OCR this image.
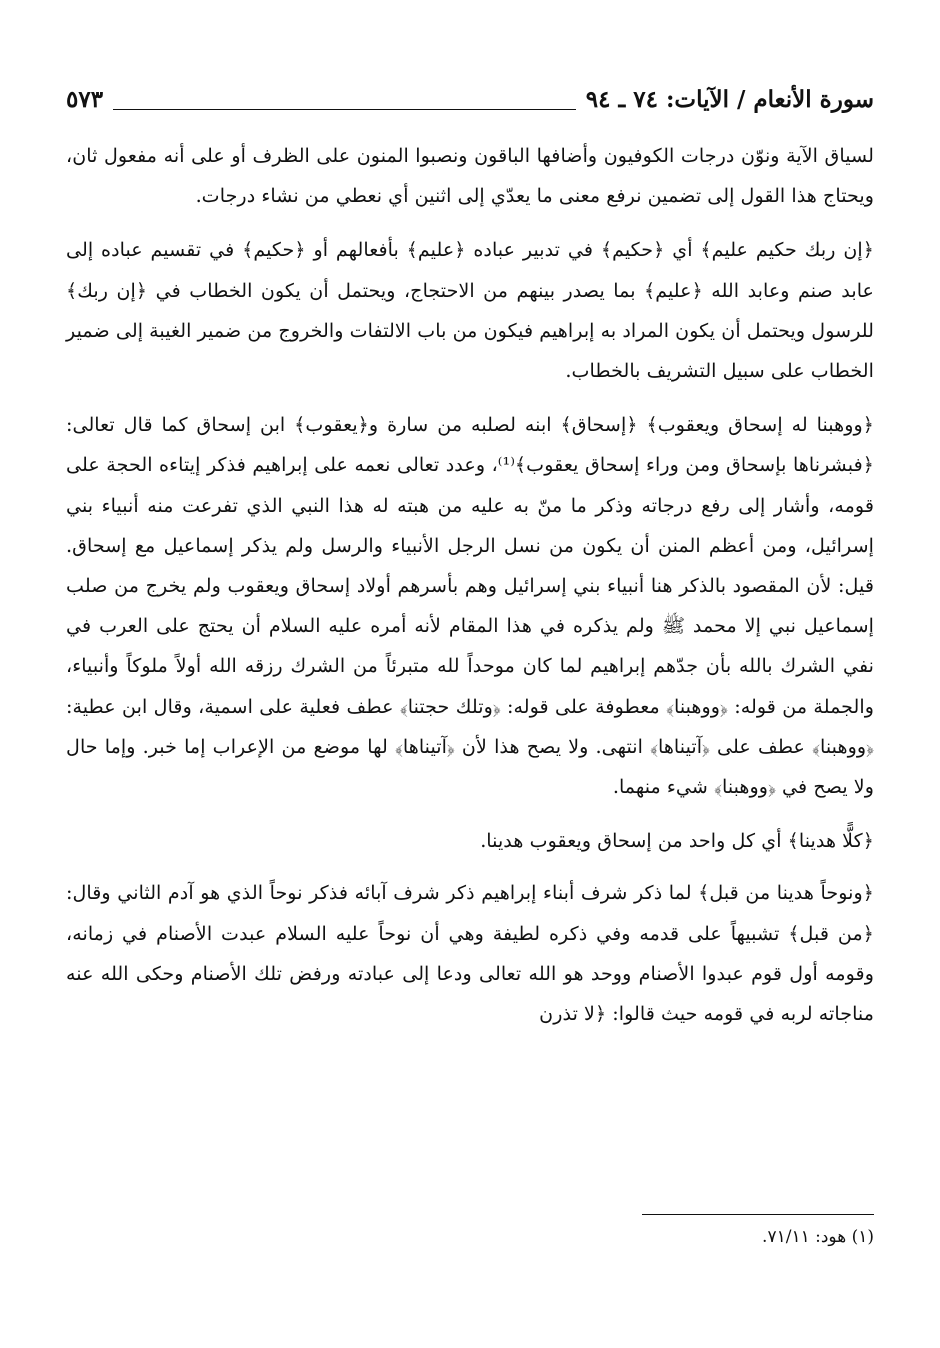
سورة الأنعام / الآيات: ٧٤ ـ ٩٤
٥٧٣

لسياق الآية ونوّن درجات الكوفيون وأضافها الباقون ونصبوا المنون على الظرف أو على أنه مفعول ثان، ويحتاج هذا القول إلى تضمين نرفع معنى ما يعدّي إلى اثنين أي نعطي من نشاء درجات.

﴿إن ربك حكيم عليم﴾ أي ﴿حكيم﴾ في تدبير عباده ﴿عليم﴾ بأفعالهم أو ﴿حكيم﴾ في تقسيم عباده إلى عابد صنم وعابد الله ﴿عليم﴾ بما يصدر بينهم من الاحتجاج، ويحتمل أن يكون الخطاب في ﴿إن ربك﴾ للرسول ويحتمل أن يكون المراد به إبراهيم فيكون من باب الالتفات والخروج من ضمير الغيبة إلى ضمير الخطاب على سبيل التشريف بالخطاب.

﴿ووهبنا له إسحاق ويعقوب﴾ ﴿إسحاق﴾ ابنه لصلبه من سارة و﴿يعقوب﴾ ابن إسحاق كما قال تعالى: ﴿فبشرناها بإسحاق ومن وراء إسحاق يعقوب﴾⁽¹⁾، وعدد تعالى نعمه على إبراهيم فذكر إيتاءه الحجة على قومه، وأشار إلى رفع درجاته وذكر ما منّ به عليه من هبته له هذا النبي الذي تفرعت منه أنبياء بني إسرائيل، ومن أعظم المنن أن يكون من نسل الرجل الأنبياء والرسل ولم يذكر إسماعيل مع إسحاق. قيل: لأن المقصود بالذكر هنا أنبياء بني إسرائيل وهم بأسرهم أولاد إسحاق ويعقوب ولم يخرج من صلب إسماعيل نبي إلا محمد ﷺ ولم يذكره في هذا المقام لأنه أمره عليه السلام أن يحتج على العرب في نفي الشرك بالله بأن جدّهم إبراهيم لما كان موحداً لله متبرئاً من الشرك رزقه الله أولاً ملوكاً وأنبياء، والجملة من قوله: ﴿ووهبنا﴾ معطوفة على قوله: ﴿وتلك حجتنا﴾ عطف فعلية على اسمية، وقال ابن عطية: ﴿ووهبنا﴾ عطف على ﴿آتيناها﴾ انتهى. ولا يصح هذا لأن ﴿آتيناها﴾ لها موضع من الإعراب إما خبر. وإما حال ولا يصح في ﴿ووهبنا﴾ شيء منهما.

﴿كلًّا هدينا﴾ أي كل واحد من إسحاق ويعقوب هدينا.

﴿ونوحاً هدينا من قبل﴾ لما ذكر شرف أبناء إبراهيم ذكر شرف آبائه فذكر نوحاً الذي هو آدم الثاني وقال: ﴿من قبل﴾ تشبيهاً على قدمه وفي ذكره لطيفة وهي أن نوحاً عليه السلام عبدت الأصنام في زمانه، وقومه أول قوم عبدوا الأصنام ووحد هو الله تعالى ودعا إلى عبادته ورفض تلك الأصنام وحكى الله عنه مناجاته لربه في قومه حيث قالوا: ﴿لا تذرن

(١) هود: ٧١/١١.
